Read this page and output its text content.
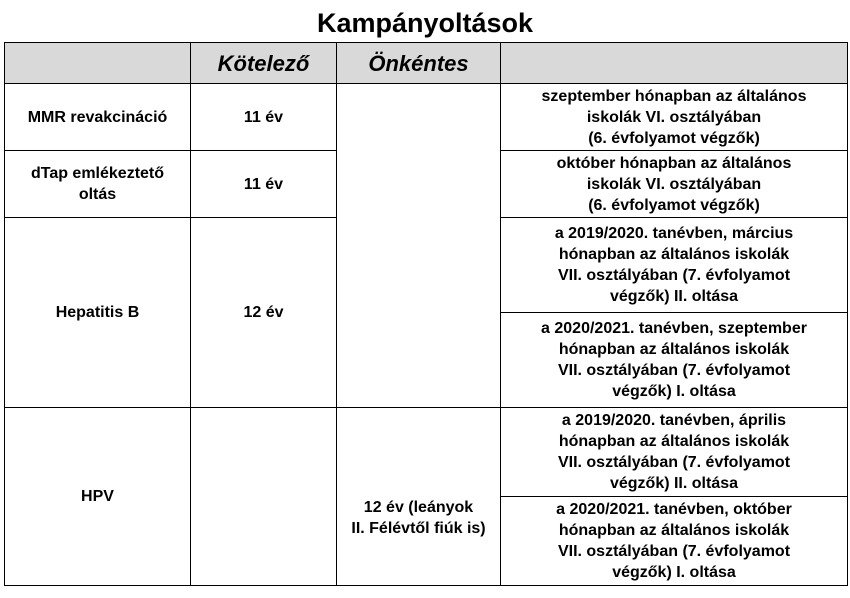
Kampányoltások
	Kötelező	Önkéntes	
MMR revakcináció	11 év		szeptember hónapban az általános
iskolák VI. osztályában
(6. évfolyamot végzők)
dTap emlékeztető
oltás	11 év		október hónapban az általános
iskolák VI. osztályában
(6. évfolyamot végzők)
Hepatitis B	12 év		a 2019/2020. tanévben, március
hónapban az általános iskolák
VII. osztályában (7. évfolyamot
végzők) II. oltása
			a 2020/2021. tanévben, szeptember
hónapban az általános iskolák
VII. osztályában (7. évfolyamot
végzők) I. oltása
HPV		12 év (leányok
II. Félévtől fiúk is)	a 2019/2020. tanévben, április
hónapban az általános iskolák
VII. osztályában (7. évfolyamot
végzők) II. oltása
			a 2020/2021. tanévben, október
hónapban az általános iskolák
VII. osztályában (7. évfolyamot
végzők) I. oltása
